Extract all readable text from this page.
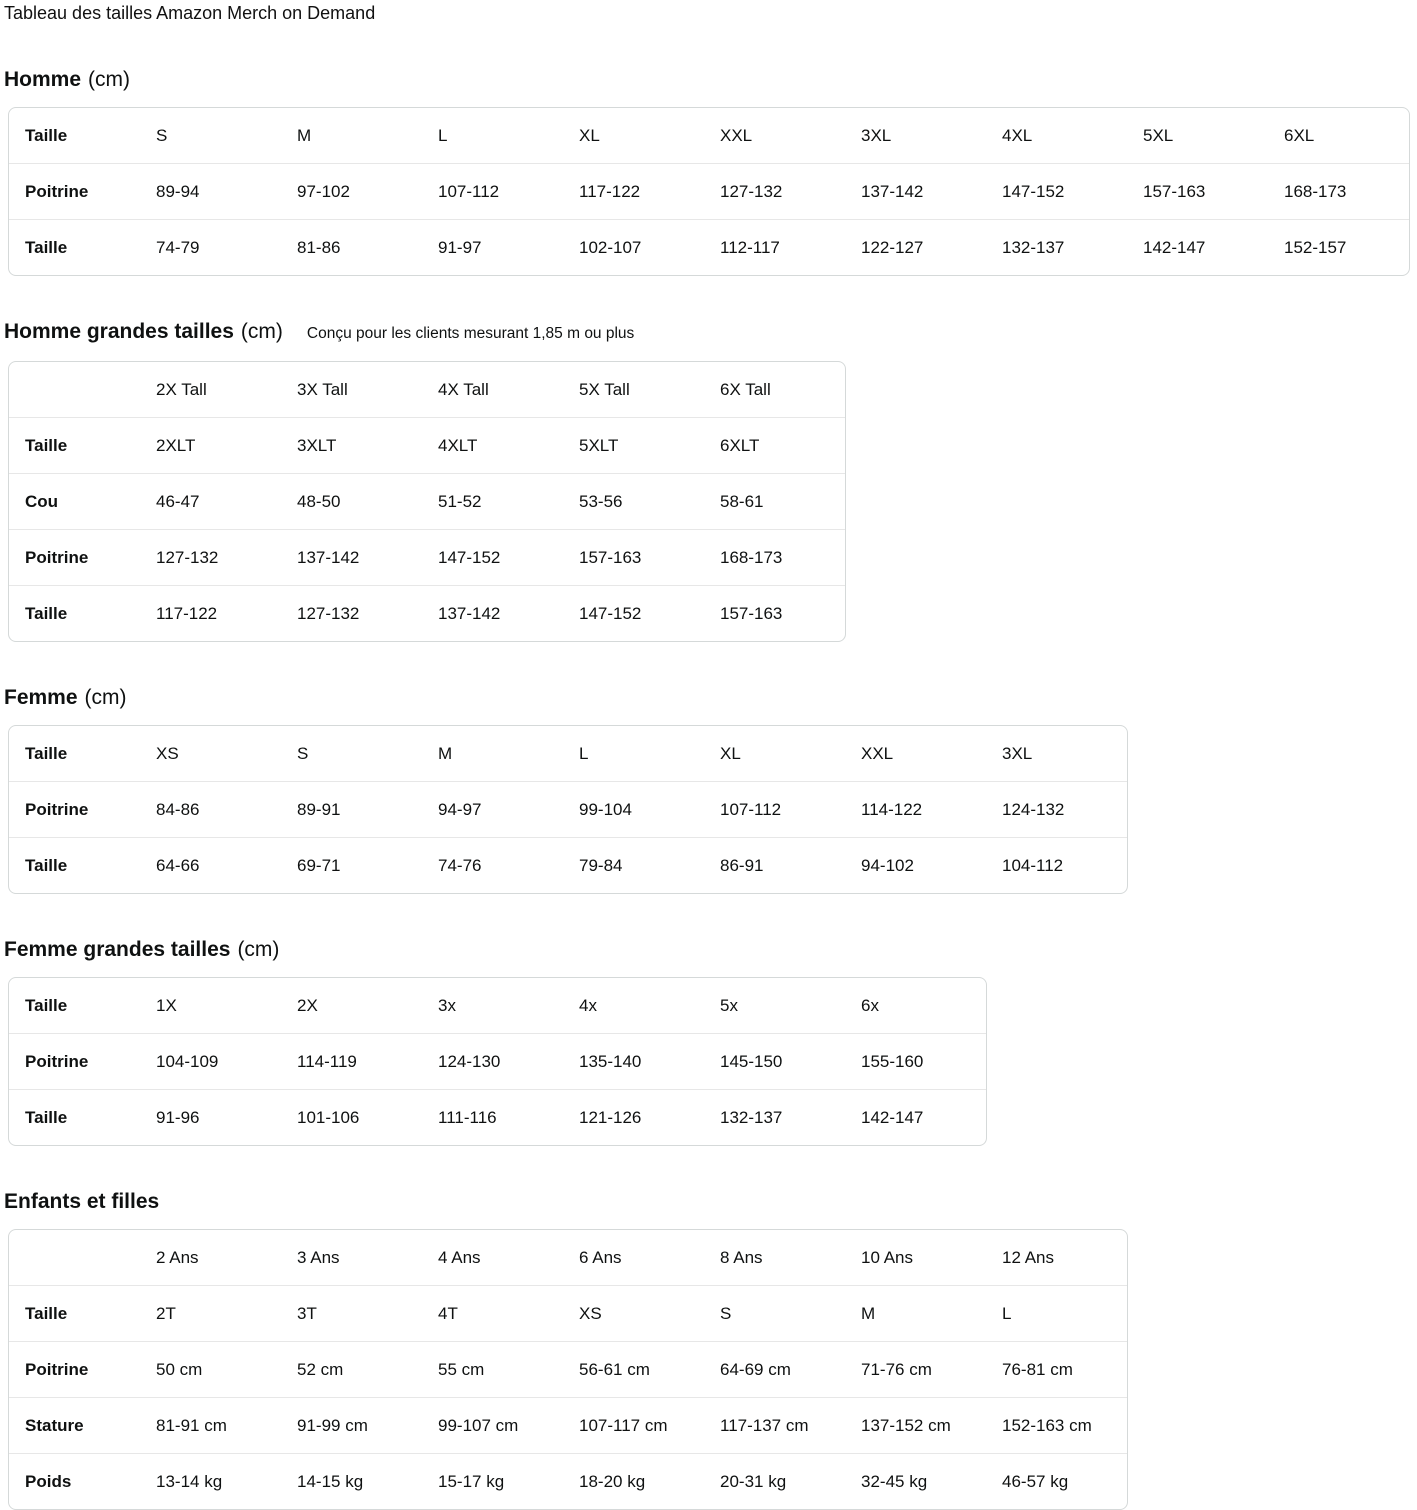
Tableau des tailles Amazon Merch on Demand
Homme (cm)
Taille	S	M	L	XL	XXL	3XL	4XL	5XL	6XL
Poitrine	89-94	97-102	107-112	117-122	127-132	137-142	147-152	157-163	168-173
Taille	74-79	81-86	91-97	102-107	112-117	122-127	132-137	142-147	152-157
Homme grandes tailles (cm) Conçu pour les clients mesurant 1,85 m ou plus
	2X Tall	3X Tall	4X Tall	5X Tall	6X Tall
Taille	2XLT	3XLT	4XLT	5XLT	6XLT
Cou	46-47	48-50	51-52	53-56	58-61
Poitrine	127-132	137-142	147-152	157-163	168-173
Taille	117-122	127-132	137-142	147-152	157-163
Femme (cm)
Taille	XS	S	M	L	XL	XXL	3XL
Poitrine	84-86	89-91	94-97	99-104	107-112	114-122	124-132
Taille	64-66	69-71	74-76	79-84	86-91	94-102	104-112
Femme grandes tailles (cm)
Taille	1X	2X	3x	4x	5x	6x
Poitrine	104-109	114-119	124-130	135-140	145-150	155-160
Taille	91-96	101-106	111-116	121-126	132-137	142-147
Enfants et filles
	2 Ans	3 Ans	4 Ans	6 Ans	8 Ans	10 Ans	12 Ans
Taille	2T	3T	4T	XS	S	M	L
Poitrine	50 cm	52 cm	55 cm	56-61 cm	64-69 cm	71-76 cm	76-81 cm
Stature	81-91 cm	91-99 cm	99-107 cm	107-117 cm	117-137 cm	137-152 cm	152-163 cm
Poids	13-14 kg	14-15 kg	15-17 kg	18-20 kg	20-31 kg	32-45 kg	46-57 kg
